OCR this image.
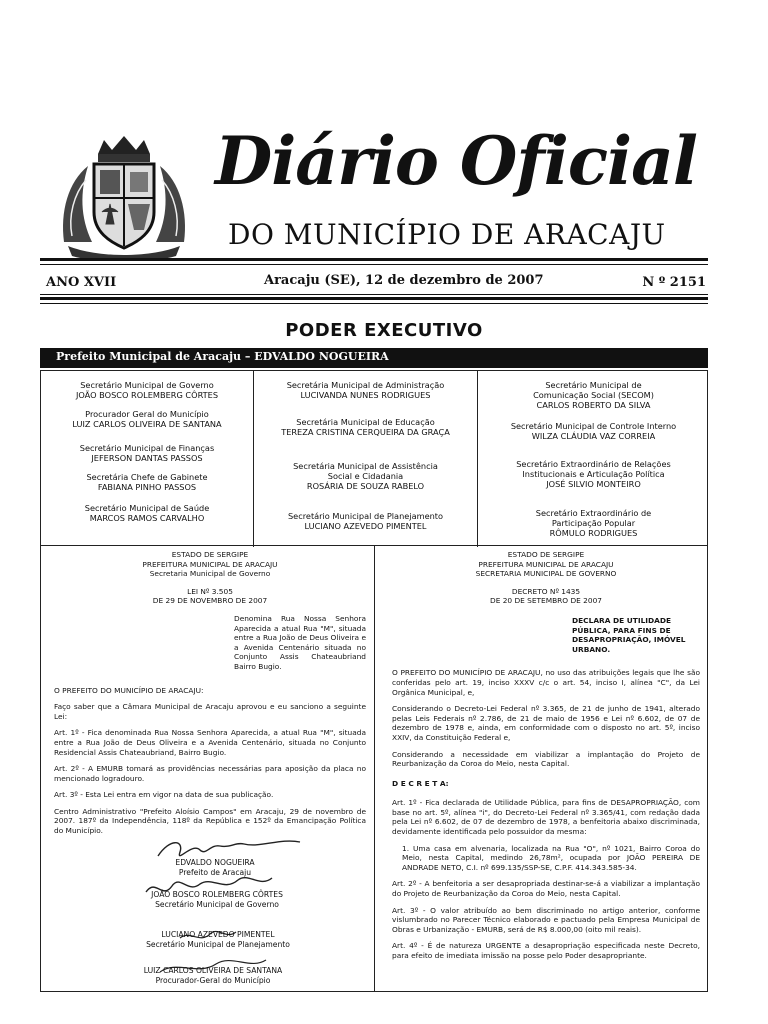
Diário Oficial
DO MUNICÍPIO DE ARACAJU
ANO XVII	Aracaju (SE), 12 de dezembro de 2007	N º 2151
PODER EXECUTIVO
Prefeito Municipal de Aracaju – EDVALDO NOGUEIRA
Secretário Municipal de Governo
JOÃO BOSCO ROLEMBERG CÔRTES
Procurador Geral do Município
LUIZ CARLOS OLIVEIRA DE SANTANA
Secretário Municipal de Finanças
JEFERSON DANTAS PASSOS
Secretária Chefe de Gabinete
FABIANA PINHO PASSOS
Secretário Municipal de Saúde
MARCOS RAMOS CARVALHO
Secretária Municipal de Administração
LUCIVANDA NUNES RODRIGUES
Secretária Municipal de Educação
TEREZA CRISTINA CERQUEIRA DA GRAÇA
Secretária Municipal de Assistência Social e Cidadania
ROSÁRIA DE SOUZA RABELO
Secretário Municipal de Planejamento
LUCIANO AZEVEDO PIMENTEL
Secretário Municipal de Comunicação Social (SECOM)
CARLOS ROBERTO DA SILVA
Secretário Municipal de Controle Interno
WILZA CLÁUDIA VAZ CORREIA
Secretário Extraordinário de Relações Institucionais e Articulação Política
JOSÉ SILVIO MONTEIRO
Secretário Extraordinário de Participação Popular
RÔMULO RODRIGUES
ESTADO DE SERGIPE
PREFEITURA MUNICIPAL DE ARACAJU
Secretaria Municipal de Governo
LEI Nº 3.505
DE 29 DE NOVEMBRO DE 2007
Denomina Rua Nossa Senhora Aparecida a atual Rua "M", situada entre a Rua João de Deus Oliveira e a Avenida Centenário situada no Conjunto Assis Chateaubriand Bairro Bugio.
O PREFEITO DO MUNICÍPIO DE ARACAJU:
Faço saber que a Câmara Municipal de Aracaju aprovou e eu sanciono a seguinte Lei:
Art. 1º - Fica denominada Rua Nossa Senhora Aparecida, a atual Rua "M", situada entre a Rua João de Deus Oliveira e a Avenida Centenário, situada no Conjunto Residencial Assis Chateaubriand, Bairro Bugio.
Art. 2º - A EMURB tomará as providências necessárias para aposição da placa no mencionado logradouro.
Art. 3º - Esta Lei entra em vigor na data de sua publicação.
Centro Administrativo "Prefeito Aloísio Campos" em Aracaju, 29 de novembro de 2007. 187º da Independência, 118º da República e 152º da Emancipação Política do Município.
EDVALDO NOGUEIRA
Prefeito de Aracaju
JOÃO BOSCO ROLEMBERG CÔRTES
Secretário Municipal de Governo
LUCIANO AZEVEDO PIMENTEL
Secretário Municipal de Planejamento
LUIZ CARLOS OLIVEIRA DE SANTANA
Procurador-Geral do Município
ESTADO DE SERGIPE
PREFEITURA MUNICIPAL DE ARACAJU
SECRETARIA MUNICIPAL DE GOVERNO
DECRETO Nº 1435
DE 20 DE SETEMBRO DE 2007
DECLARA DE UTILIDADE PÚBLICA, PARA FINS DE DESAPROPRIAÇÃO, IMÓVEL URBANO.
O PREFEITO DO MUNICÍPIO DE ARACAJU, no uso das atribuições legais que lhe são conferidas pelo art. 19, inciso XXXV c/c o art. 54, inciso I, alínea "C", da Lei Orgânica Municipal, e,
Considerando o Decreto-Lei Federal nº 3.365, de 21 de junho de 1941, alterado pelas Leis Federais nº 2.786, de 21 de maio de 1956 e Lei nº 6.602, de 07 de dezembro de 1978 e, ainda, em conformidade com o disposto no art. 5º, inciso XXIV, da Constituição Federal e,
Considerando a necessidade em viabilizar a implantação do Projeto de Reurbanização da Coroa do Meio, nesta Capital.
D E C R E T A:
Art. 1º - Fica declarada de Utilidade Pública, para fins de DESAPROPRIAÇÃO, com base no art. 5º, alínea "i", do Decreto-Lei Federal nº 3.365/41, com redação dada pela Lei nº 6.602, de 07 de dezembro de 1978, a benfeitoria abaixo discriminada, devidamente identificada pelo possuidor da mesma:
1. Uma casa em alvenaria, localizada na Rua "O", nº 1021, Bairro Coroa do Meio, nesta Capital, medindo 26,78m², ocupada por JOÃO PEREIRA DE ANDRADE NETO, C.I. nº 699.135/SSP-SE, C.P.F. 414.343.585-34.
Art. 2º - A benfeitoria a ser desapropriada destinar-se-á a viabilizar a implantação do Projeto de Reurbanização da Coroa do Meio, nesta Capital.
Art. 3º - O valor atribuído ao bem discriminado no artigo anterior, conforme vislumbrado no Parecer Técnico elaborado e pactuado pela Empresa Municipal de Obras e Urbanização - EMURB, será de R$ 8.000,00 (oito mil reais).
Art. 4º - É de natureza URGENTE a desapropriação especificada neste Decreto, para efeito de imediata imissão na posse pelo Poder desapropriante.
